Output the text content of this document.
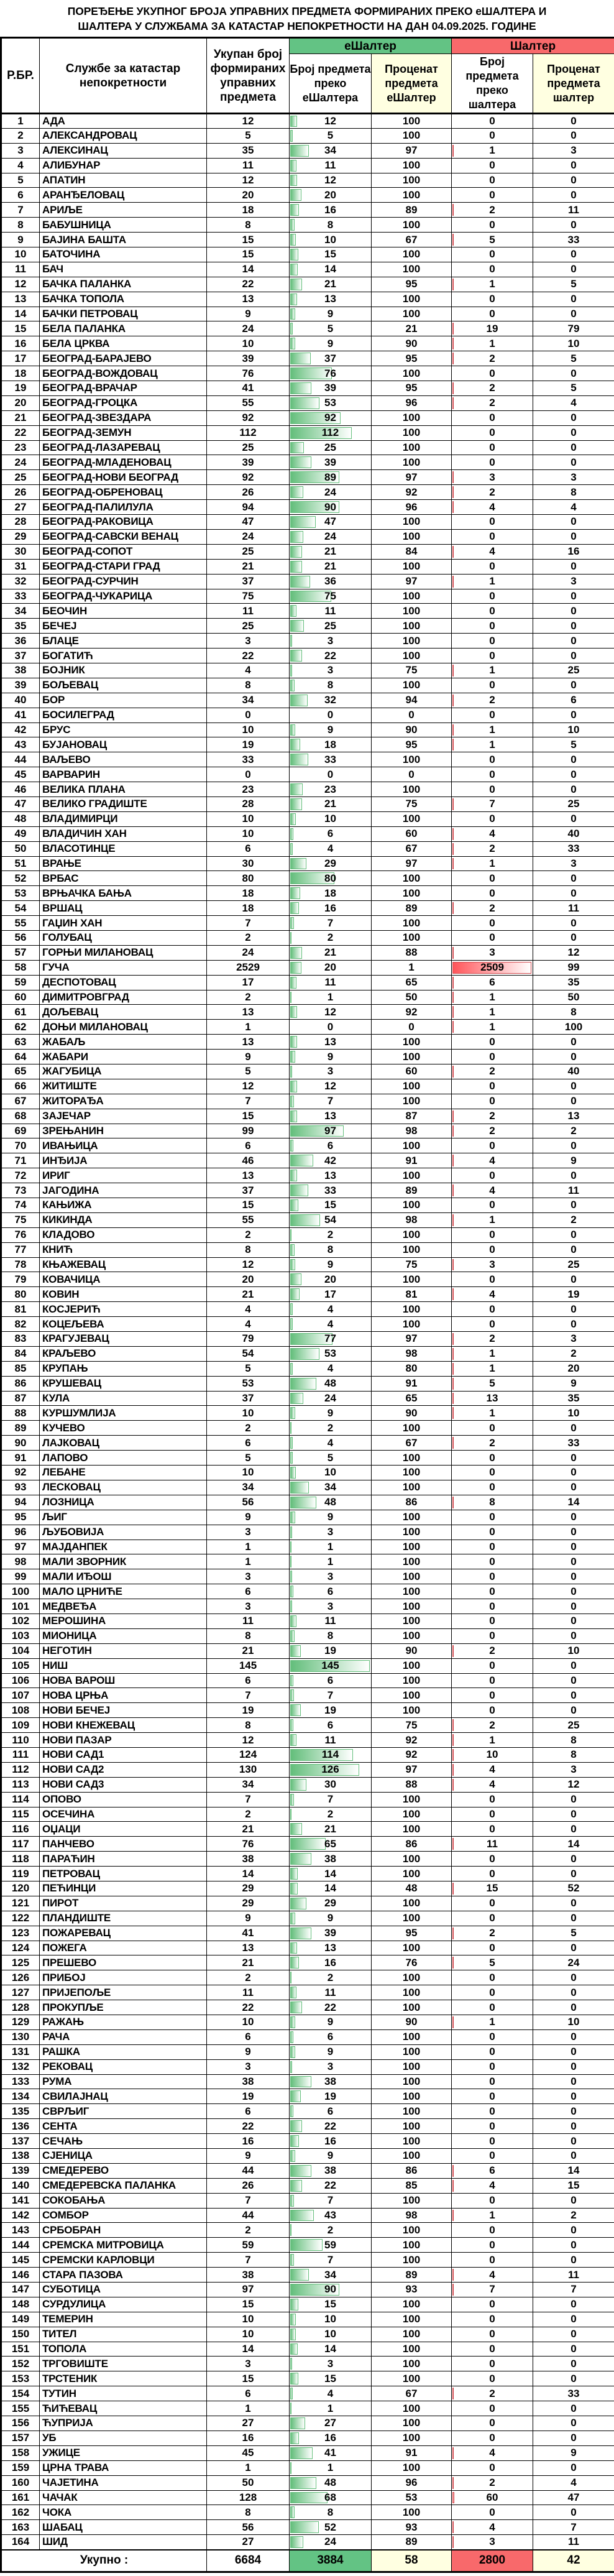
ПОРЕЂЕЊЕ УКУПНОГ БРОЈА УПРАВНИХ ПРЕДМЕТА ФОРМИРАНИХ ПРЕКО еШАЛТЕРА И
ШАЛТЕРА У СЛУЖБАМА ЗА КАТАСТАР НЕПОКРЕТНОСТИ НА ДАН 04.09.2025. ГОДИНЕ
Р.БР.	Службе за катастар непокретности	Укупан број формираних управних предмета	еШалтер		Шалтер	
			Број предмета преко еШалтера	Проценат предмета еШалтер	Број предмета преко шалтера	Проценат предмета шалтер
1	АДА	12	12	100	0	0
2	АЛЕКСАНДРОВАЦ	5	5	100	0	0
3	АЛЕКСИНАЦ	35	34	97	1	3
4	АЛИБУНАР	11	11	100	0	0
5	АПАТИН	12	12	100	0	0
6	АРАНЂЕЛОВАЦ	20	20	100	0	0
7	АРИЉЕ	18	16	89	2	11
8	БАБУШНИЦА	8	8	100	0	0
9	БАЈИНА БАШТА	15	10	67	5	33
10	БАТОЧИНА	15	15	100	0	0
11	БАЧ	14	14	100	0	0
12	БАЧКА ПАЛАНКА	22	21	95	1	5
13	БАЧКА ТОПОЛА	13	13	100	0	0
14	БАЧКИ ПЕТРОВАЦ	9	9	100	0	0
15	БЕЛА ПАЛАНКА	24	5	21	19	79
16	БЕЛА ЦРКВА	10	9	90	1	10
17	БЕОГРАД-БАРАЈЕВО	39	37	95	2	5
18	БЕОГРАД-ВОЖДОВАЦ	76	76	100	0	0
19	БЕОГРАД-ВРАЧАР	41	39	95	2	5
20	БЕОГРАД-ГРОЦКА	55	53	96	2	4
21	БЕОГРАД-ЗВЕЗДАРА	92	92	100	0	0
22	БЕОГРАД-ЗЕМУН	112	112	100	0	0
23	БЕОГРАД-ЛАЗАРЕВАЦ	25	25	100	0	0
24	БЕОГРАД-МЛАДЕНОВАЦ	39	39	100	0	0
25	БЕОГРАД-НОВИ БЕОГРАД	92	89	97	3	3
26	БЕОГРАД-ОБРЕНОВАЦ	26	24	92	2	8
27	БЕОГРАД-ПАЛИЛУЛА	94	90	96	4	4
28	БЕОГРАД-РАКОВИЦА	47	47	100	0	0
29	БЕОГРАД-САВСКИ ВЕНАЦ	24	24	100	0	0
30	БЕОГРАД-СОПОТ	25	21	84	4	16
31	БЕОГРАД-СТАРИ ГРАД	21	21	100	0	0
32	БЕОГРАД-СУРЧИН	37	36	97	1	3
33	БЕОГРАД-ЧУКАРИЦА	75	75	100	0	0
34	БЕОЧИН	11	11	100	0	0
35	БЕЧЕЈ	25	25	100	0	0
36	БЛАЦЕ	3	3	100	0	0
37	БОГАТИЋ	22	22	100	0	0
38	БОЈНИК	4	3	75	1	25
39	БОЉЕВАЦ	8	8	100	0	0
40	БОР	34	32	94	2	6
41	БОСИЛЕГРАД	0	0	0	0	0
42	БРУС	10	9	90	1	10
43	БУЈАНОВАЦ	19	18	95	1	5
44	ВАЉЕВО	33	33	100	0	0
45	ВАРВАРИН	0	0	0	0	0
46	ВЕЛИКА ПЛАНА	23	23	100	0	0
47	ВЕЛИКО ГРАДИШТЕ	28	21	75	7	25
48	ВЛАДИМИРЦИ	10	10	100	0	0
49	ВЛАДИЧИН ХАН	10	6	60	4	40
50	ВЛАСОТИНЦЕ	6	4	67	2	33
51	ВРАЊЕ	30	29	97	1	3
52	ВРБАС	80	80	100	0	0
53	ВРЊАЧКА БАЊА	18	18	100	0	0
54	ВРШАЦ	18	16	89	2	11
55	ГАЏИН ХАН	7	7	100	0	0
56	ГОЛУБАЦ	2	2	100	0	0
57	ГОРЊИ МИЛАНОВАЦ	24	21	88	3	12
58	ГУЧА	2529	20	1	2509	99
59	ДЕСПОТОВАЦ	17	11	65	6	35
60	ДИМИТРОВГРАД	2	1	50	1	50
61	ДОЉЕВАЦ	13	12	92	1	8
62	ДОЊИ МИЛАНОВАЦ	1	0	0	1	100
63	ЖАБАЉ	13	13	100	0	0
64	ЖАБАРИ	9	9	100	0	0
65	ЖАГУБИЦА	5	3	60	2	40
66	ЖИТИШТЕ	12	12	100	0	0
67	ЖИТОРАЂА	7	7	100	0	0
68	ЗАЈЕЧАР	15	13	87	2	13
69	ЗРЕЊАНИН	99	97	98	2	2
70	ИВАЊИЦА	6	6	100	0	0
71	ИНЂИЈА	46	42	91	4	9
72	ИРИГ	13	13	100	0	0
73	ЈАГОДИНА	37	33	89	4	11
74	КАЊИЖА	15	15	100	0	0
75	КИКИНДА	55	54	98	1	2
76	КЛАДОВО	2	2	100	0	0
77	КНИЋ	8	8	100	0	0
78	КЊАЖЕВАЦ	12	9	75	3	25
79	КОВАЧИЦА	20	20	100	0	0
80	КОВИН	21	17	81	4	19
81	КОСЈЕРИЋ	4	4	100	0	0
82	КОЦЕЉЕВА	4	4	100	0	0
83	КРАГУЈЕВАЦ	79	77	97	2	3
84	КРАЉЕВО	54	53	98	1	2
85	КРУПАЊ	5	4	80	1	20
86	КРУШЕВАЦ	53	48	91	5	9
87	КУЛА	37	24	65	13	35
88	КУРШУМЛИЈА	10	9	90	1	10
89	КУЧЕВО	2	2	100	0	0
90	ЛАЈКОВАЦ	6	4	67	2	33
91	ЛАПОВО	5	5	100	0	0
92	ЛЕБАНЕ	10	10	100	0	0
93	ЛЕСКОВАЦ	34	34	100	0	0
94	ЛОЗНИЦА	56	48	86	8	14
95	ЉИГ	9	9	100	0	0
96	ЉУБОВИЈА	3	3	100	0	0
97	МАЈДАНПЕК	1	1	100	0	0
98	МАЛИ ЗВОРНИК	1	1	100	0	0
99	МАЛИ ИЂОШ	3	3	100	0	0
100	МАЛО ЦРНИЋЕ	6	6	100	0	0
101	МЕДВЕЂА	3	3	100	0	0
102	МЕРОШИНА	11	11	100	0	0
103	МИОНИЦА	8	8	100	0	0
104	НЕГОТИН	21	19	90	2	10
105	НИШ	145	145	100	0	0
106	НОВА ВАРОШ	6	6	100	0	0
107	НОВА ЦРЊА	7	7	100	0	0
108	НОВИ БЕЧЕЈ	19	19	100	0	0
109	НОВИ КНЕЖЕВАЦ	8	6	75	2	25
110	НОВИ ПАЗАР	12	11	92	1	8
111	НОВИ САД1	124	114	92	10	8
112	НОВИ САД2	130	126	97	4	3
113	НОВИ САД3	34	30	88	4	12
114	ОПОВО	7	7	100	0	0
115	ОСЕЧИНА	2	2	100	0	0
116	ОЏАЦИ	21	21	100	0	0
117	ПАНЧЕВО	76	65	86	11	14
118	ПАРАЋИН	38	38	100	0	0
119	ПЕТРОВАЦ	14	14	100	0	0
120	ПЕЋИНЦИ	29	14	48	15	52
121	ПИРОТ	29	29	100	0	0
122	ПЛАНДИШТЕ	9	9	100	0	0
123	ПОЖАРЕВАЦ	41	39	95	2	5
124	ПОЖЕГА	13	13	100	0	0
125	ПРЕШЕВО	21	16	76	5	24
126	ПРИБОЈ	2	2	100	0	0
127	ПРИЈЕПОЉЕ	11	11	100	0	0
128	ПРОКУПЉЕ	22	22	100	0	0
129	РАЖАЊ	10	9	90	1	10
130	РАЧА	6	6	100	0	0
131	РАШКА	9	9	100	0	0
132	РЕКОВАЦ	3	3	100	0	0
133	РУМА	38	38	100	0	0
134	СВИЛАЈНАЦ	19	19	100	0	0
135	СВРЉИГ	6	6	100	0	0
136	СЕНТА	22	22	100	0	0
137	СЕЧАЊ	16	16	100	0	0
138	СЈЕНИЦА	9	9	100	0	0
139	СМЕДЕРЕВО	44	38	86	6	14
140	СМЕДЕРЕВСКА ПАЛАНКА	26	22	85	4	15
141	СОКОБАЊА	7	7	100	0	0
142	СОМБОР	44	43	98	1	2
143	СРБОБРАН	2	2	100	0	0
144	СРЕМСКА МИТРОВИЦА	59	59	100	0	0
145	СРЕМСКИ КАРЛОВЦИ	7	7	100	0	0
146	СТАРА ПАЗОВА	38	34	89	4	11
147	СУБОТИЦА	97	90	93	7	7
148	СУРДУЛИЦА	15	15	100	0	0
149	ТЕМЕРИН	10	10	100	0	0
150	ТИТЕЛ	10	10	100	0	0
151	ТОПОЛА	14	14	100	0	0
152	ТРГОВИШТЕ	3	3	100	0	0
153	ТРСТЕНИК	15	15	100	0	0
154	ТУТИН	6	4	67	2	33
155	ЋИЋЕВАЦ	1	1	100	0	0
156	ЋУПРИЈА	27	27	100	0	0
157	УБ	16	16	100	0	0
158	УЖИЦЕ	45	41	91	4	9
159	ЦРНА ТРАВА	1	1	100	0	0
160	ЧАЈЕТИНА	50	48	96	2	4
161	ЧАЧАК	128	68	53	60	47
162	ЧОКА	8	8	100	0	0
163	ШАБАЦ	56	52	93	4	7
164	ШИД	27	24	89	3	11
Укупно :		6684	3884	58	2800	42
